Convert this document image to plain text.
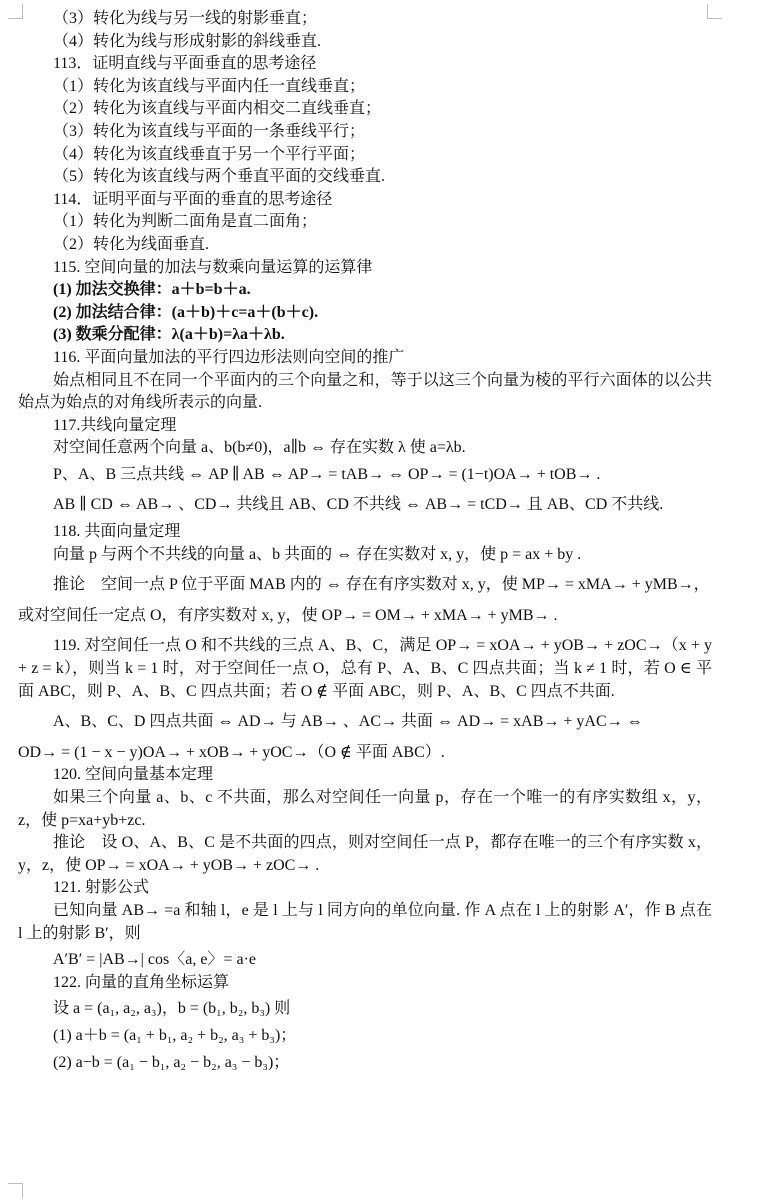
（3）转化为线与另一线的射影垂直；
（4）转化为线与形成射影的斜线垂直.
113．证明直线与平面垂直的思考途径
（1）转化为该直线与平面内任一直线垂直；
（2）转化为该直线与平面内相交二直线垂直；
（3）转化为该直线与平面的一条垂线平行；
（4）转化为该直线垂直于另一个平行平面；
（5）转化为该直线与两个垂直平面的交线垂直.
114．证明平面与平面的垂直的思考途径
（1）转化为判断二面角是直二面角；
（2）转化为线面垂直.
115. 空间向量的加法与数乘向量运算的运算律
(1) 加法交换律：a＋b=b＋a.
(2) 加法结合律：(a＋b)＋c=a＋(b＋c).
(3) 数乘分配律：λ(a＋b)=λa＋λb.
116. 平面向量加法的平行四边形法则向空间的推广
始点相同且不在同一个平面内的三个向量之和，等于以这三个向量为棱的平行六面体的以公共始点为始点的对角线所表示的向量.
117.共线向量定理
对空间任意两个向量 a、b(b≠0)，a∥b ⇔ 存在实数 λ 使 a=λb.
P、A、B 三点共线 ⇔ AP ∥ AB ⇔ AP→ = tAB→ ⇔ OP→ = (1−t)OA→ + tOB→ .
AB ∥ CD ⇔ AB→ 、CD→ 共线且 AB、CD 不共线 ⇔ AB→ = tCD→ 且 AB、CD 不共线.
118. 共面向量定理
向量 p 与两个不共线的向量 a、b 共面的 ⇔ 存在实数对 x, y，使 p = ax + by .
推论　空间一点 P 位于平面 MAB 内的 ⇔ 存在有序实数对 x, y，使 MP→ = xMA→ + yMB→，
或对空间任一定点 O，有序实数对 x, y，使 OP→ = OM→ + xMA→ + yMB→ .
119. 对空间任一点 O 和不共线的三点 A、B、C，满足 OP→ = xOA→ + yOB→ + zOC→（x + y + z = k），则当 k = 1 时，对于空间任一点 O，总有 P、A、B、C 四点共面；当 k ≠ 1 时，若 O ∈ 平面 ABC，则 P、A、B、C 四点共面；若 O ∉ 平面 ABC，则 P、A、B、C 四点不共面.
A、B、C、D 四点共面 ⇔ AD→ 与 AB→ 、AC→ 共面 ⇔ AD→ = xAB→ + yAC→ ⇔
OD→ = (1 − x − y)OA→ + xOB→ + yOC→（O ∉ 平面 ABC）.
120. 空间向量基本定理
如果三个向量 a、b、c 不共面，那么对空间任一向量 p，存在一个唯一的有序实数组 x，y，z，使 p=xa+yb+zc.
推论　设 O、A、B、C 是不共面的四点，则对空间任一点 P，都存在唯一的三个有序实数 x，y，z，使 OP→ = xOA→ + yOB→ + zOC→ .
121. 射影公式
已知向量 AB→ =a 和轴 l，e 是 l 上与 l 同方向的单位向量. 作 A 点在 l 上的射影 A′，作 B 点在 l 上的射影 B′，则
A′B′ = |AB→| cos〈a, e〉= a·e
122. 向量的直角坐标运算
设 a = (a₁, a₂, a₃)，b = (b₁, b₂, b₃) 则
(1) a＋b = (a₁ + b₁, a₂ + b₂, a₃ + b₃)；
(2) a−b = (a₁ − b₁, a₂ − b₂, a₃ − b₃)；
